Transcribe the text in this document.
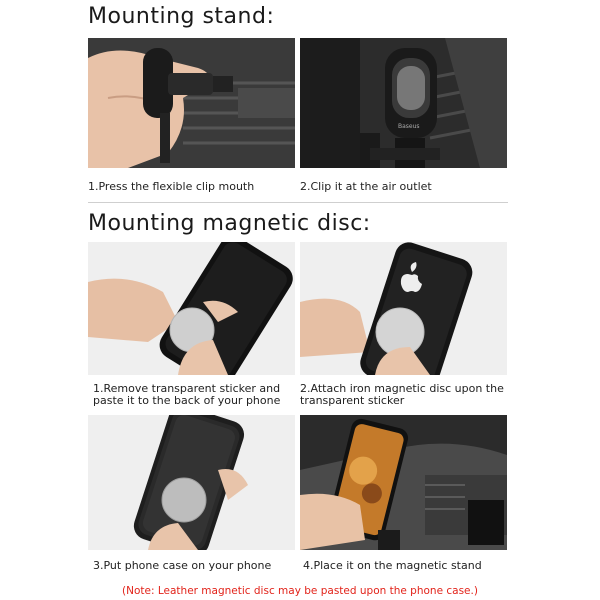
Mounting stand:
Baseus
1.Press the flexible clip mouth	2.Clip it at the air outlet
Mounting magnetic disc:
1.Remove transparent sticker and
paste it to the back of your phone
2.Attach iron magnetic disc upon the
transparent sticker
3.Put phone case on your phone	4.Place it on the magnetic stand
(Note: Leather magnetic disc may be pasted upon the phone case.)
